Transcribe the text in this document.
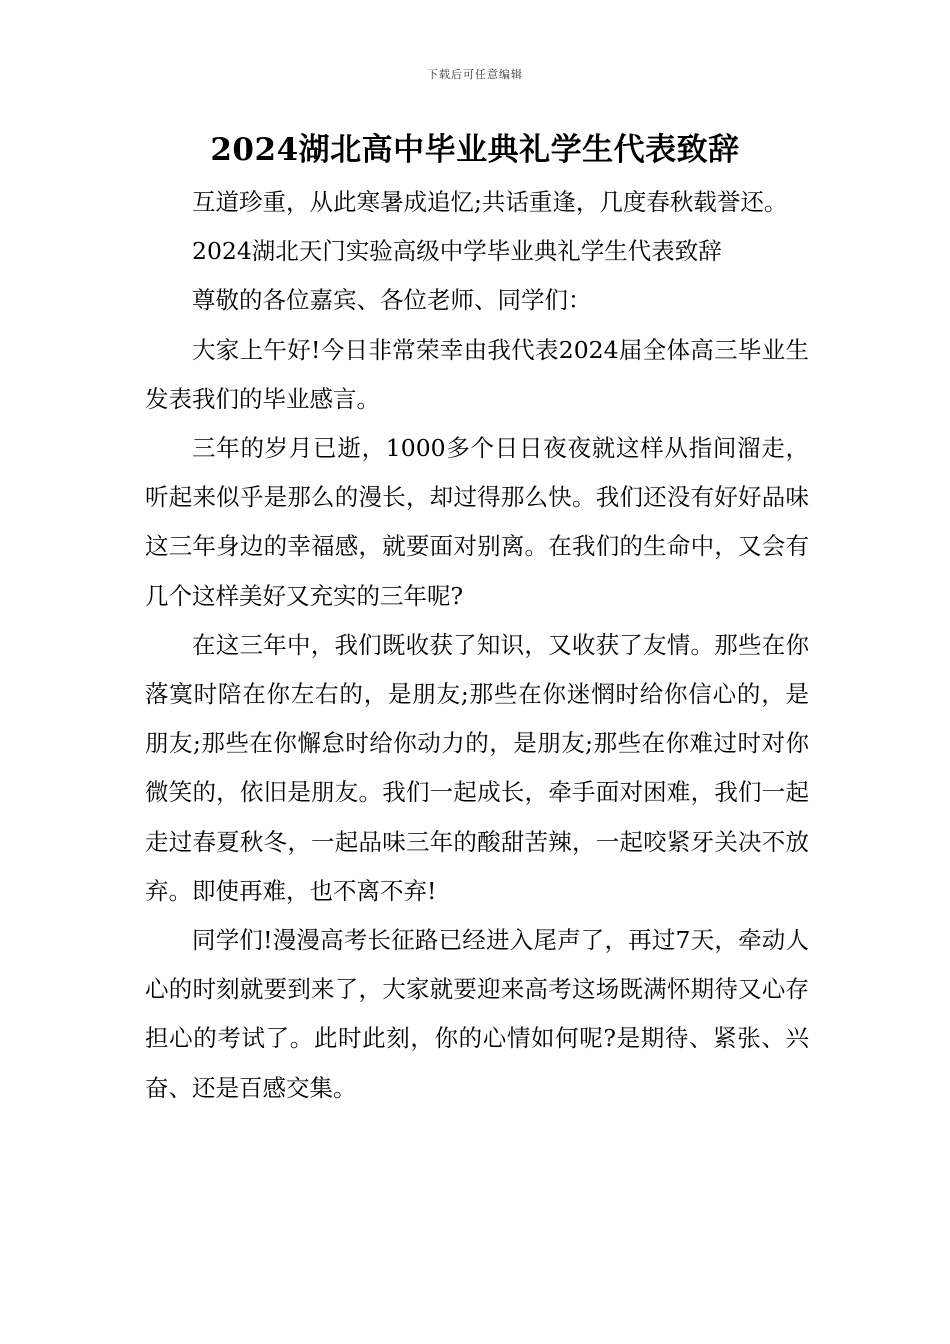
下载后可任意编辑
2024湖北高中毕业典礼学生代表致辞

互道珍重，从此寒暑成追忆;共话重逢，几度春秋载誉还。

2024湖北天门实验高级中学毕业典礼学生代表致辞

尊敬的各位嘉宾、各位老师、同学们：

大家上午好!今日非常荣幸由我代表2024届全体高三毕业生发表我们的毕业感言。

三年的岁月已逝，1000多个日日夜夜就这样从指间溜走，听起来似乎是那么的漫长，却过得那么快。我们还没有好好品味这三年身边的幸福感，就要面对别离。在我们的生命中，又会有几个这样美好又充实的三年呢?

在这三年中，我们既收获了知识，又收获了友情。那些在你落寞时陪在你左右的，是朋友;那些在你迷惘时给你信心的，是朋友;那些在你懈怠时给你动力的，是朋友;那些在你难过时对你微笑的，依旧是朋友。我们一起成长，牵手面对困难，我们一起走过春夏秋冬，一起品味三年的酸甜苦辣，一起咬紧牙关决不放弃。即使再难，也不离不弃!

同学们!漫漫高考长征路已经进入尾声了，再过7天，牵动人心的时刻就要到来了，大家就要迎来高考这场既满怀期待又心存担心的考试了。此时此刻，你的心情如何呢?是期待、紧张、兴奋、还是百感交集。
